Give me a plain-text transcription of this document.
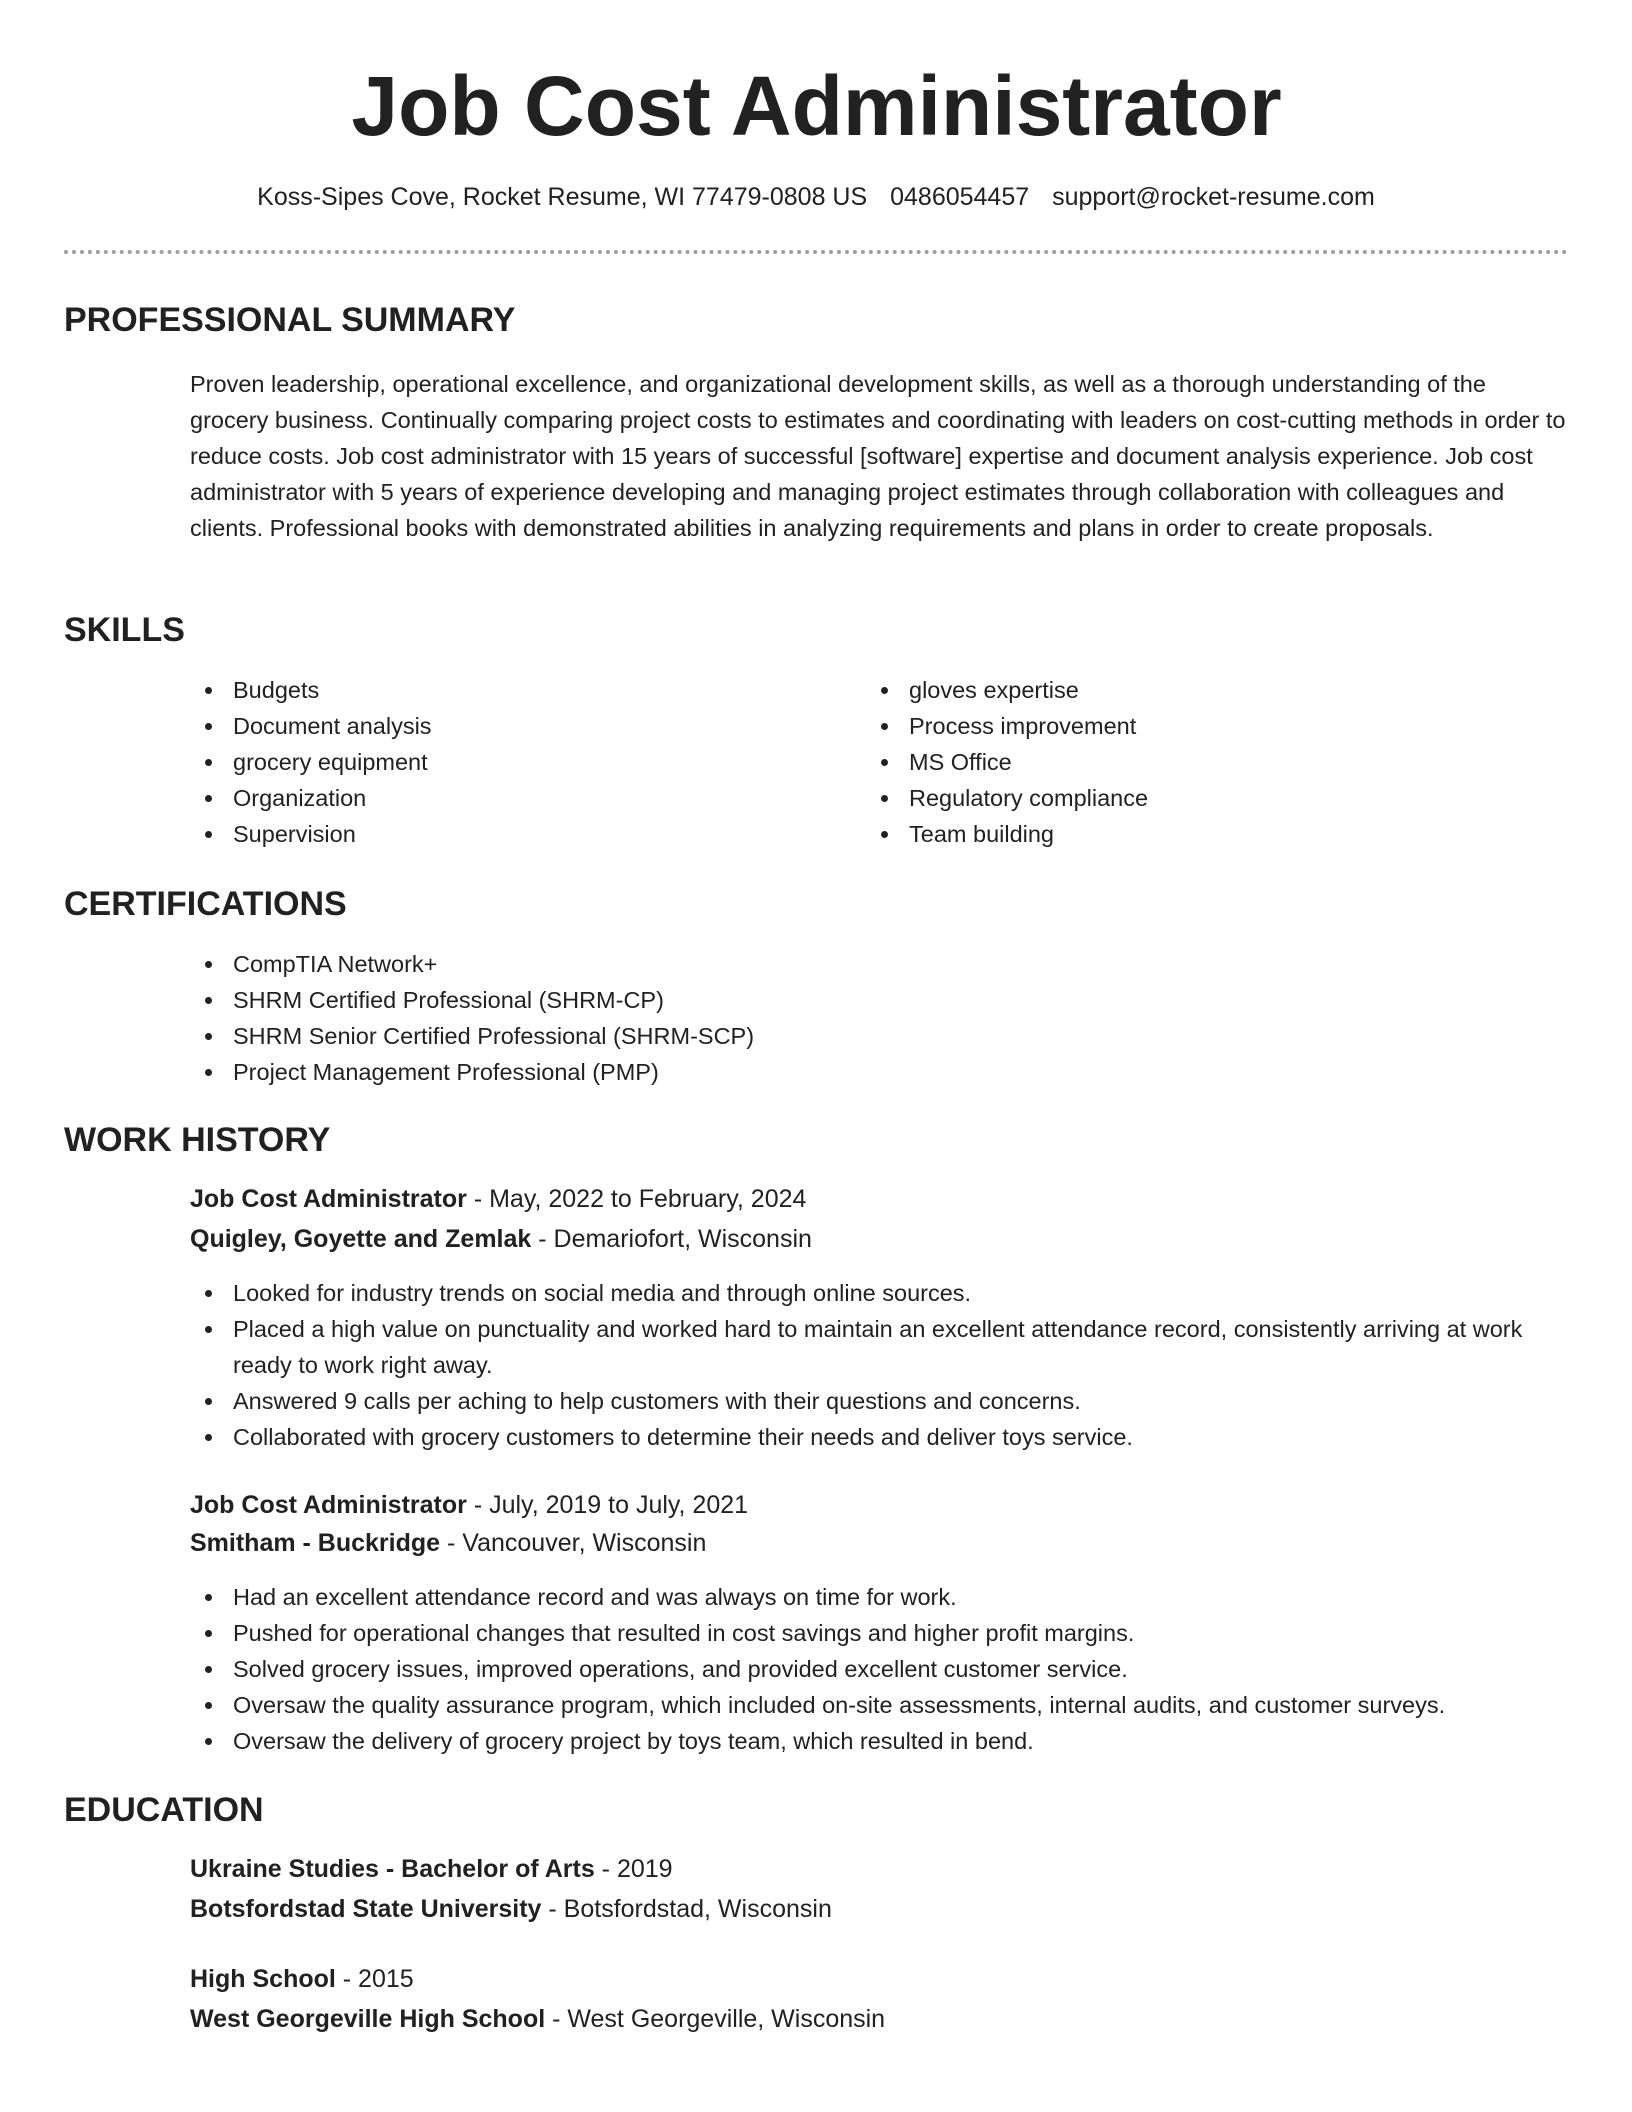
Job Cost Administrator
Koss-Sipes Cove, Rocket Resume, WI 77479-0808 US 0486054457 support@rocket-resume.com
PROFESSIONAL SUMMARY

Proven leadership, operational excellence, and organizational development skills, as well as a thorough understanding of the grocery business. Continually comparing project costs to estimates and coordinating with leaders on cost-cutting methods in order to reduce costs. Job cost administrator with 15 years of successful [software] expertise and document analysis experience. Job cost administrator with 5 years of experience developing and managing project estimates through collaboration with colleagues and clients. Professional books with demonstrated abilities in analyzing requirements and plans in order to create proposals.

SKILLS
Budgets
Document analysis
grocery equipment
Organization
Supervision
gloves expertise
Process improvement
MS Office
Regulatory compliance
Team building
CERTIFICATIONS
CompTIA Network+
SHRM Certified Professional (SHRM-CP)
SHRM Senior Certified Professional (SHRM-SCP)
Project Management Professional (PMP)
WORK HISTORY

Job Cost Administrator - May, 2022 to February, 2024

Quigley, Goyette and Zemlak - Demariofort, Wisconsin

Looked for industry trends on social media and through online sources.
Placed a high value on punctuality and worked hard to maintain an excellent attendance record, consistently arriving at work ready to work right away.
Answered 9 calls per aching to help customers with their questions and concerns.
Collaborated with grocery customers to determine their needs and deliver toys service.

Job Cost Administrator - July, 2019 to July, 2021

Smitham - Buckridge - Vancouver, Wisconsin

Had an excellent attendance record and was always on time for work.
Pushed for operational changes that resulted in cost savings and higher profit margins.
Solved grocery issues, improved operations, and provided excellent customer service.
Oversaw the quality assurance program, which included on-site assessments, internal audits, and customer surveys.
Oversaw the delivery of grocery project by toys team, which resulted in bend.
EDUCATION

Ukraine Studies - Bachelor of Arts - 2019

Botsfordstad State University - Botsfordstad, Wisconsin

High School - 2015

West Georgeville High School - West Georgeville, Wisconsin
